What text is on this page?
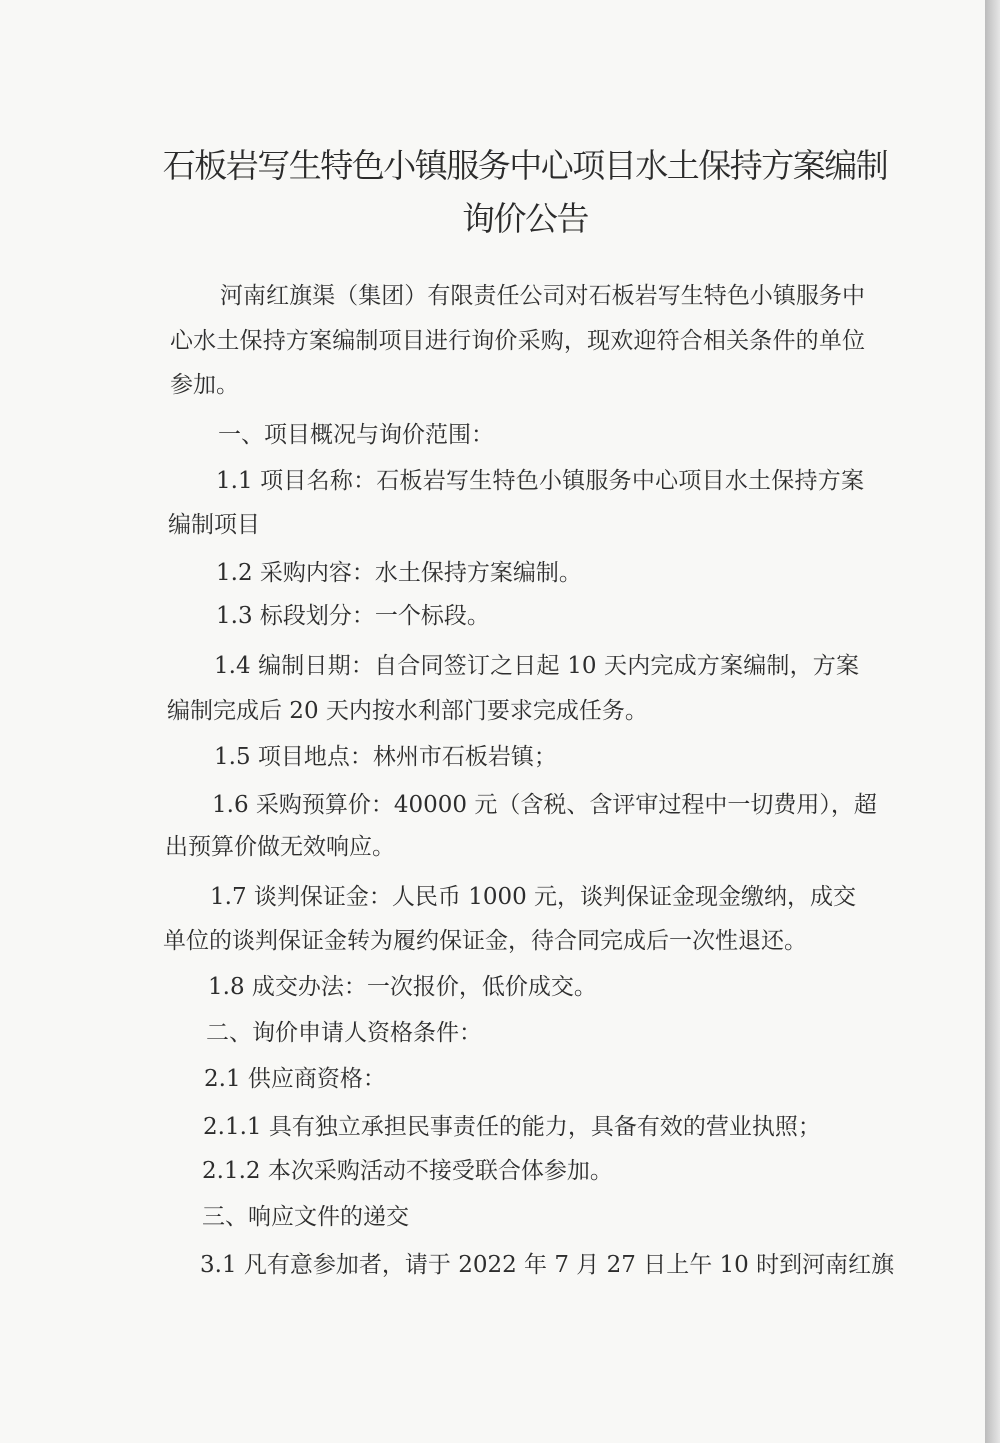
石板岩写生特色小镇服务中心项目水土保持方案编制
询价公告
河南红旗渠（集团）有限责任公司对石板岩写生特色小镇服务中
心水土保持方案编制项目进行询价采购，现欢迎符合相关条件的单位
参加。
一、项目概况与询价范围：
1.1 项目名称：石板岩写生特色小镇服务中心项目水土保持方案
编制项目
1.2 采购内容：水土保持方案编制。
1.3 标段划分：一个标段。
1.4 编制日期：自合同签订之日起 10 天内完成方案编制，方案
编制完成后 20 天内按水利部门要求完成任务。
1.5 项目地点：林州市石板岩镇；
1.6 采购预算价：40000 元（含税、含评审过程中一切费用），超
出预算价做无效响应。
1.7 谈判保证金：人民币 1000 元，谈判保证金现金缴纳，成交
单位的谈判保证金转为履约保证金，待合同完成后一次性退还。
1.8 成交办法：一次报价，低价成交。
二、询价申请人资格条件：
2.1 供应商资格：
2.1.1 具有独立承担民事责任的能力，具备有效的营业执照；
2.1.2 本次采购活动不接受联合体参加。
三、响应文件的递交
3.1 凡有意参加者，请于 2022 年 7 月 27 日上午 10 时到河南红旗
